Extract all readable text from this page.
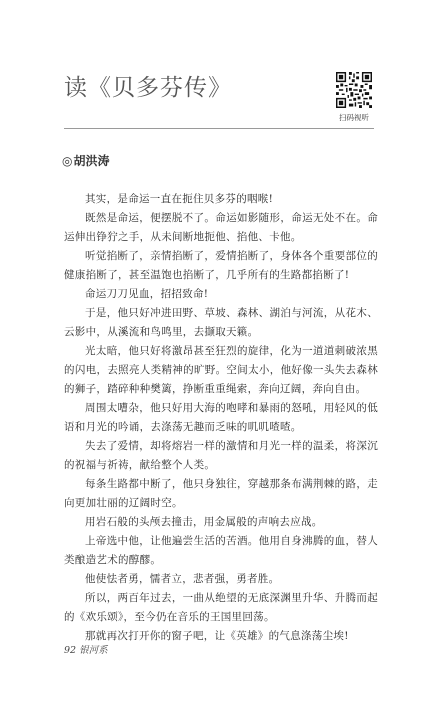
读《贝多芬传》
扫码视听
◎胡洪涛

其实，是命运一直在扼住贝多芬的咽喉!

既然是命运，便摆脱不了。命运如影随形，命运无处不在。命运伸出铮狞之手，从未间断地扼他、掐他、卡他。

听觉掐断了，亲情掐断了，爱情掐断了，身体各个重要部位的健康掐断了，甚至温饱也掐断了，几乎所有的生路都掐断了!

命运刀刀见血，招招致命!

于是，他只好冲进田野、草坡、森林、湖泊与河流，从花木、云影中，从溪流和鸟鸣里，去撷取天籁。

光太暗，他只好将激昂甚至狂烈的旋律，化为一道道刺破浓黑的闪电，去照亮人类精神的旷野。空间太小，他好像一头失去森林的狮子，踏碎种种樊篱，挣断重重绳索，奔向辽阔，奔向自由。

周围太嘈杂，他只好用大海的咆哮和暴雨的怒吼，用轻风的低语和月光的吟诵，去涤荡无趣而乏味的叽叽喳喳。

失去了爱情，却将熔岩一样的激情和月光一样的温柔，将深沉的祝福与祈祷，献给整个人类。

每条生路都中断了，他只身独往，穿越那条布满荆棘的路，走向更加壮丽的辽阔时空。

用岩石般的头颅去撞击，用金属般的声响去应战。

上帝选中他，让他遍尝生活的苦酒。他用自身沸腾的血，替人类酿造艺术的醇醪。

他使怯者勇，懦者立，悲者强，勇者胜。

所以，两百年过去，一曲从绝望的无底深渊里升华、升腾而起的《欢乐颂》，至今仍在音乐的王国里回荡。

那就再次打开你的窗子吧，让《英雄》的气息涤荡尘埃!

92 银河系
